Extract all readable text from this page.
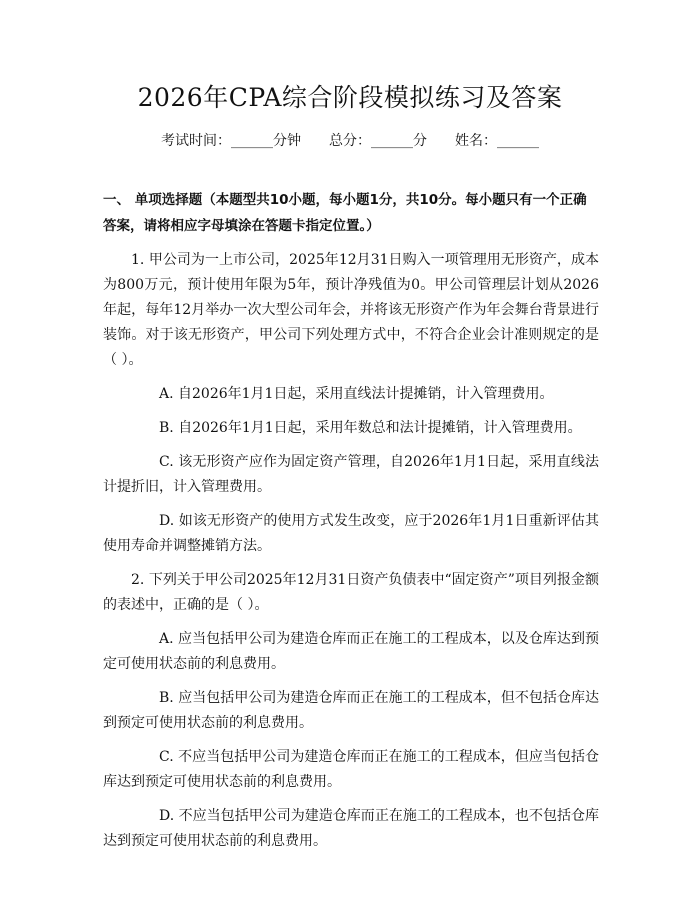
2026年CPA综合阶段模拟练习及答案
考试时间：______分钟 总分：______分 姓名：______

一、 单项选择题（本题型共10小题，每小题1分，共10分。每小题只有一个正确答案，请将相应字母填涂在答题卡指定位置。）

1. 甲公司为一上市公司，2025年12月31日购入一项管理用无形资产，成本为800万元，预计使用年限为5年，预计净残值为0。甲公司管理层计划从2026年起，每年12月举办一次大型公司年会，并将该无形资产作为年会舞台背景进行装饰。对于该无形资产，甲公司下列处理方式中，不符合企业会计准则规定的是（ ）。

A. 自2026年1月1日起，采用直线法计提摊销，计入管理费用。

B. 自2026年1月1日起，采用年数总和法计提摊销，计入管理费用。

C. 该无形资产应作为固定资产管理，自2026年1月1日起，采用直线法计提折旧，计入管理费用。

D. 如该无形资产的使用方式发生改变，应于2026年1月1日重新评估其使用寿命并调整摊销方法。

2. 下列关于甲公司2025年12月31日资产负债表中“固定资产”项目列报金额的表述中，正确的是（ ）。

A. 应当包括甲公司为建造仓库而正在施工的工程成本，以及仓库达到预定可使用状态前的利息费用。

B. 应当包括甲公司为建造仓库而正在施工的工程成本，但不包括仓库达到预定可使用状态前的利息费用。

C. 不应当包括甲公司为建造仓库而正在施工的工程成本，但应当包括仓库达到预定可使用状态前的利息费用。

D. 不应当包括甲公司为建造仓库而正在施工的工程成本，也不包括仓库达到预定可使用状态前的利息费用。
